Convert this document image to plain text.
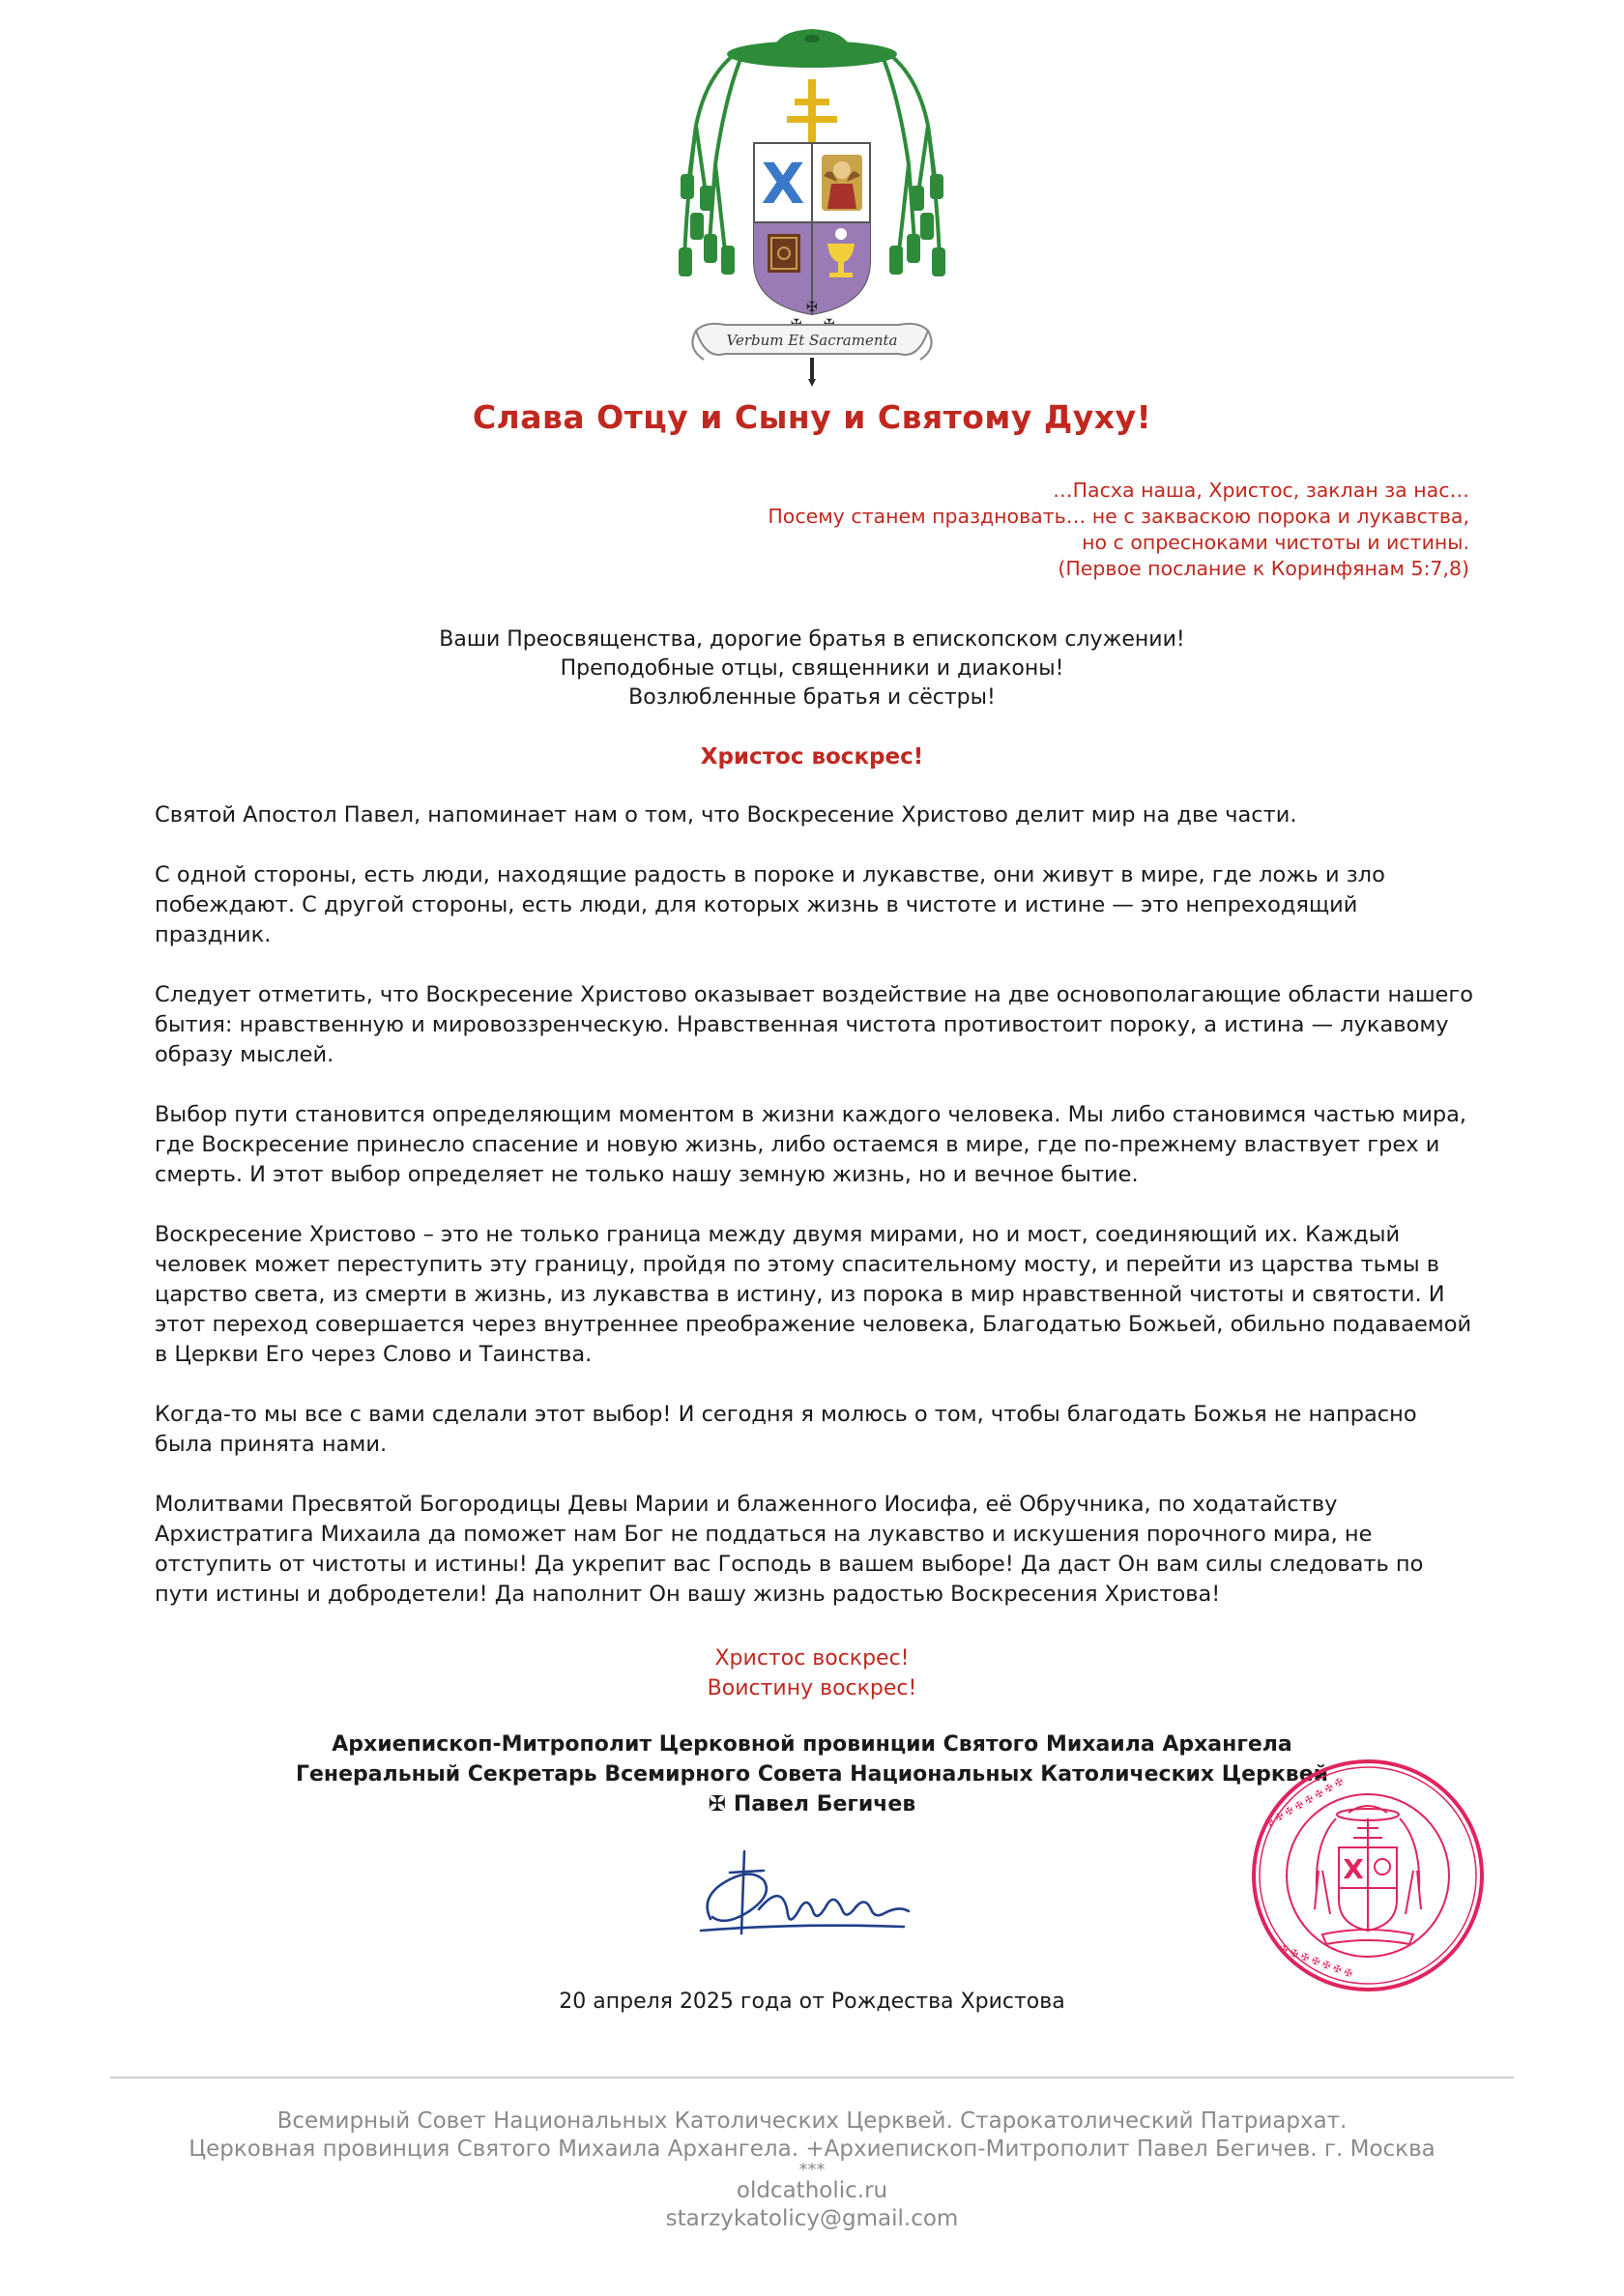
X
✠
Verbum Et Sacramenta
Слава Отцу и Сыну и Святому Духу!
…Пасха наша, Христос, заклан за нас…
Посему станем праздновать… не с закваскою порока и лукавства,
но с опресноками чистоты и истины.
(Первое послание к Коринфянам 5:7,8)
Ваши Преосвященства, дорогие братья в епископском служении!
Преподобные отцы, священники и диаконы!
Возлюбленные братья и сёстры!
Христос воскрес!

Святой Апостол Павел, напоминает нам о том, что Воскресение Христово делит мир на две части.

С одной стороны, есть люди, находящие радость в пороке и лукавстве, они живут в мире, где ложь и зло побеждают. С другой стороны, есть люди, для которых жизнь в чистоте и истине — это непреходящий праздник.

Следует отметить, что Воскресение Христово оказывает воздействие на две основополагающие области нашего бытия: нравственную и мировоззренческую. Нравственная чистота противостоит пороку, а истина — лукавому образу мыслей.

Выбор пути становится определяющим моментом в жизни каждого человека. Мы либо становимся частью мира, где Воскресение принесло спасение и новую жизнь, либо остаемся в мире, где по-прежнему властвует грех и смерть. И этот выбор определяет не только нашу земную жизнь, но и вечное бытие.

Воскресение Христово – это не только граница между двумя мирами, но и мост, соединяющий их. Каждый человек может переступить эту границу, пройдя по этому спасительному мосту, и перейти из царства тьмы в царство света, из смерти в жизнь, из лукавства в истину, из порока в мир нравственной чистоты и святости. И этот переход совершается через внутреннее преображение человека, Благодатью Божьей, обильно подаваемой в Церкви Его через Слово и Таинства.

Когда-то мы все с вами сделали этот выбор! И сегодня я молюсь о том, чтобы благодать Божья не напрасно была принята нами.

Молитвами Пресвятой Богородицы Девы Марии и блаженного Иосифа, её Обручника, по ходатайству Архистратига Михаила да поможет нам Бог не поддаться на лукавство и искушения порочного мира, не отступить от чистоты и истины! Да укрепит вас Господь в вашем выборе! Да даст Он вам силы следовать по пути истины и добродетели! Да наполнит Он вашу жизнь радостью Воскресения Христова!

Христос воскрес!
Воистину воскрес!
Архиепископ-Митрополит Церковной провинции Святого Михаила Архангела
Генеральный Секретарь Всемирного Совета Национальных Католических Церквей
✠ Павел Бегичев	✠ ✠ ✠ ✠ ✠ ✠ ✠ ✠
✠ ✠ ✠ ✠ ✠ ✠ ✠
X
20 апреля 2025 года от Рождества Христова
Всемирный Совет Национальных Католических Церквей. Старокатолический Патриархат.
Церковная провинция Святого Михаила Архангела. +Архиепископ-Митрополит Павел Бегичев. г. Москва
***
oldcatholic.ru
starzykatolicy@gmail.com
